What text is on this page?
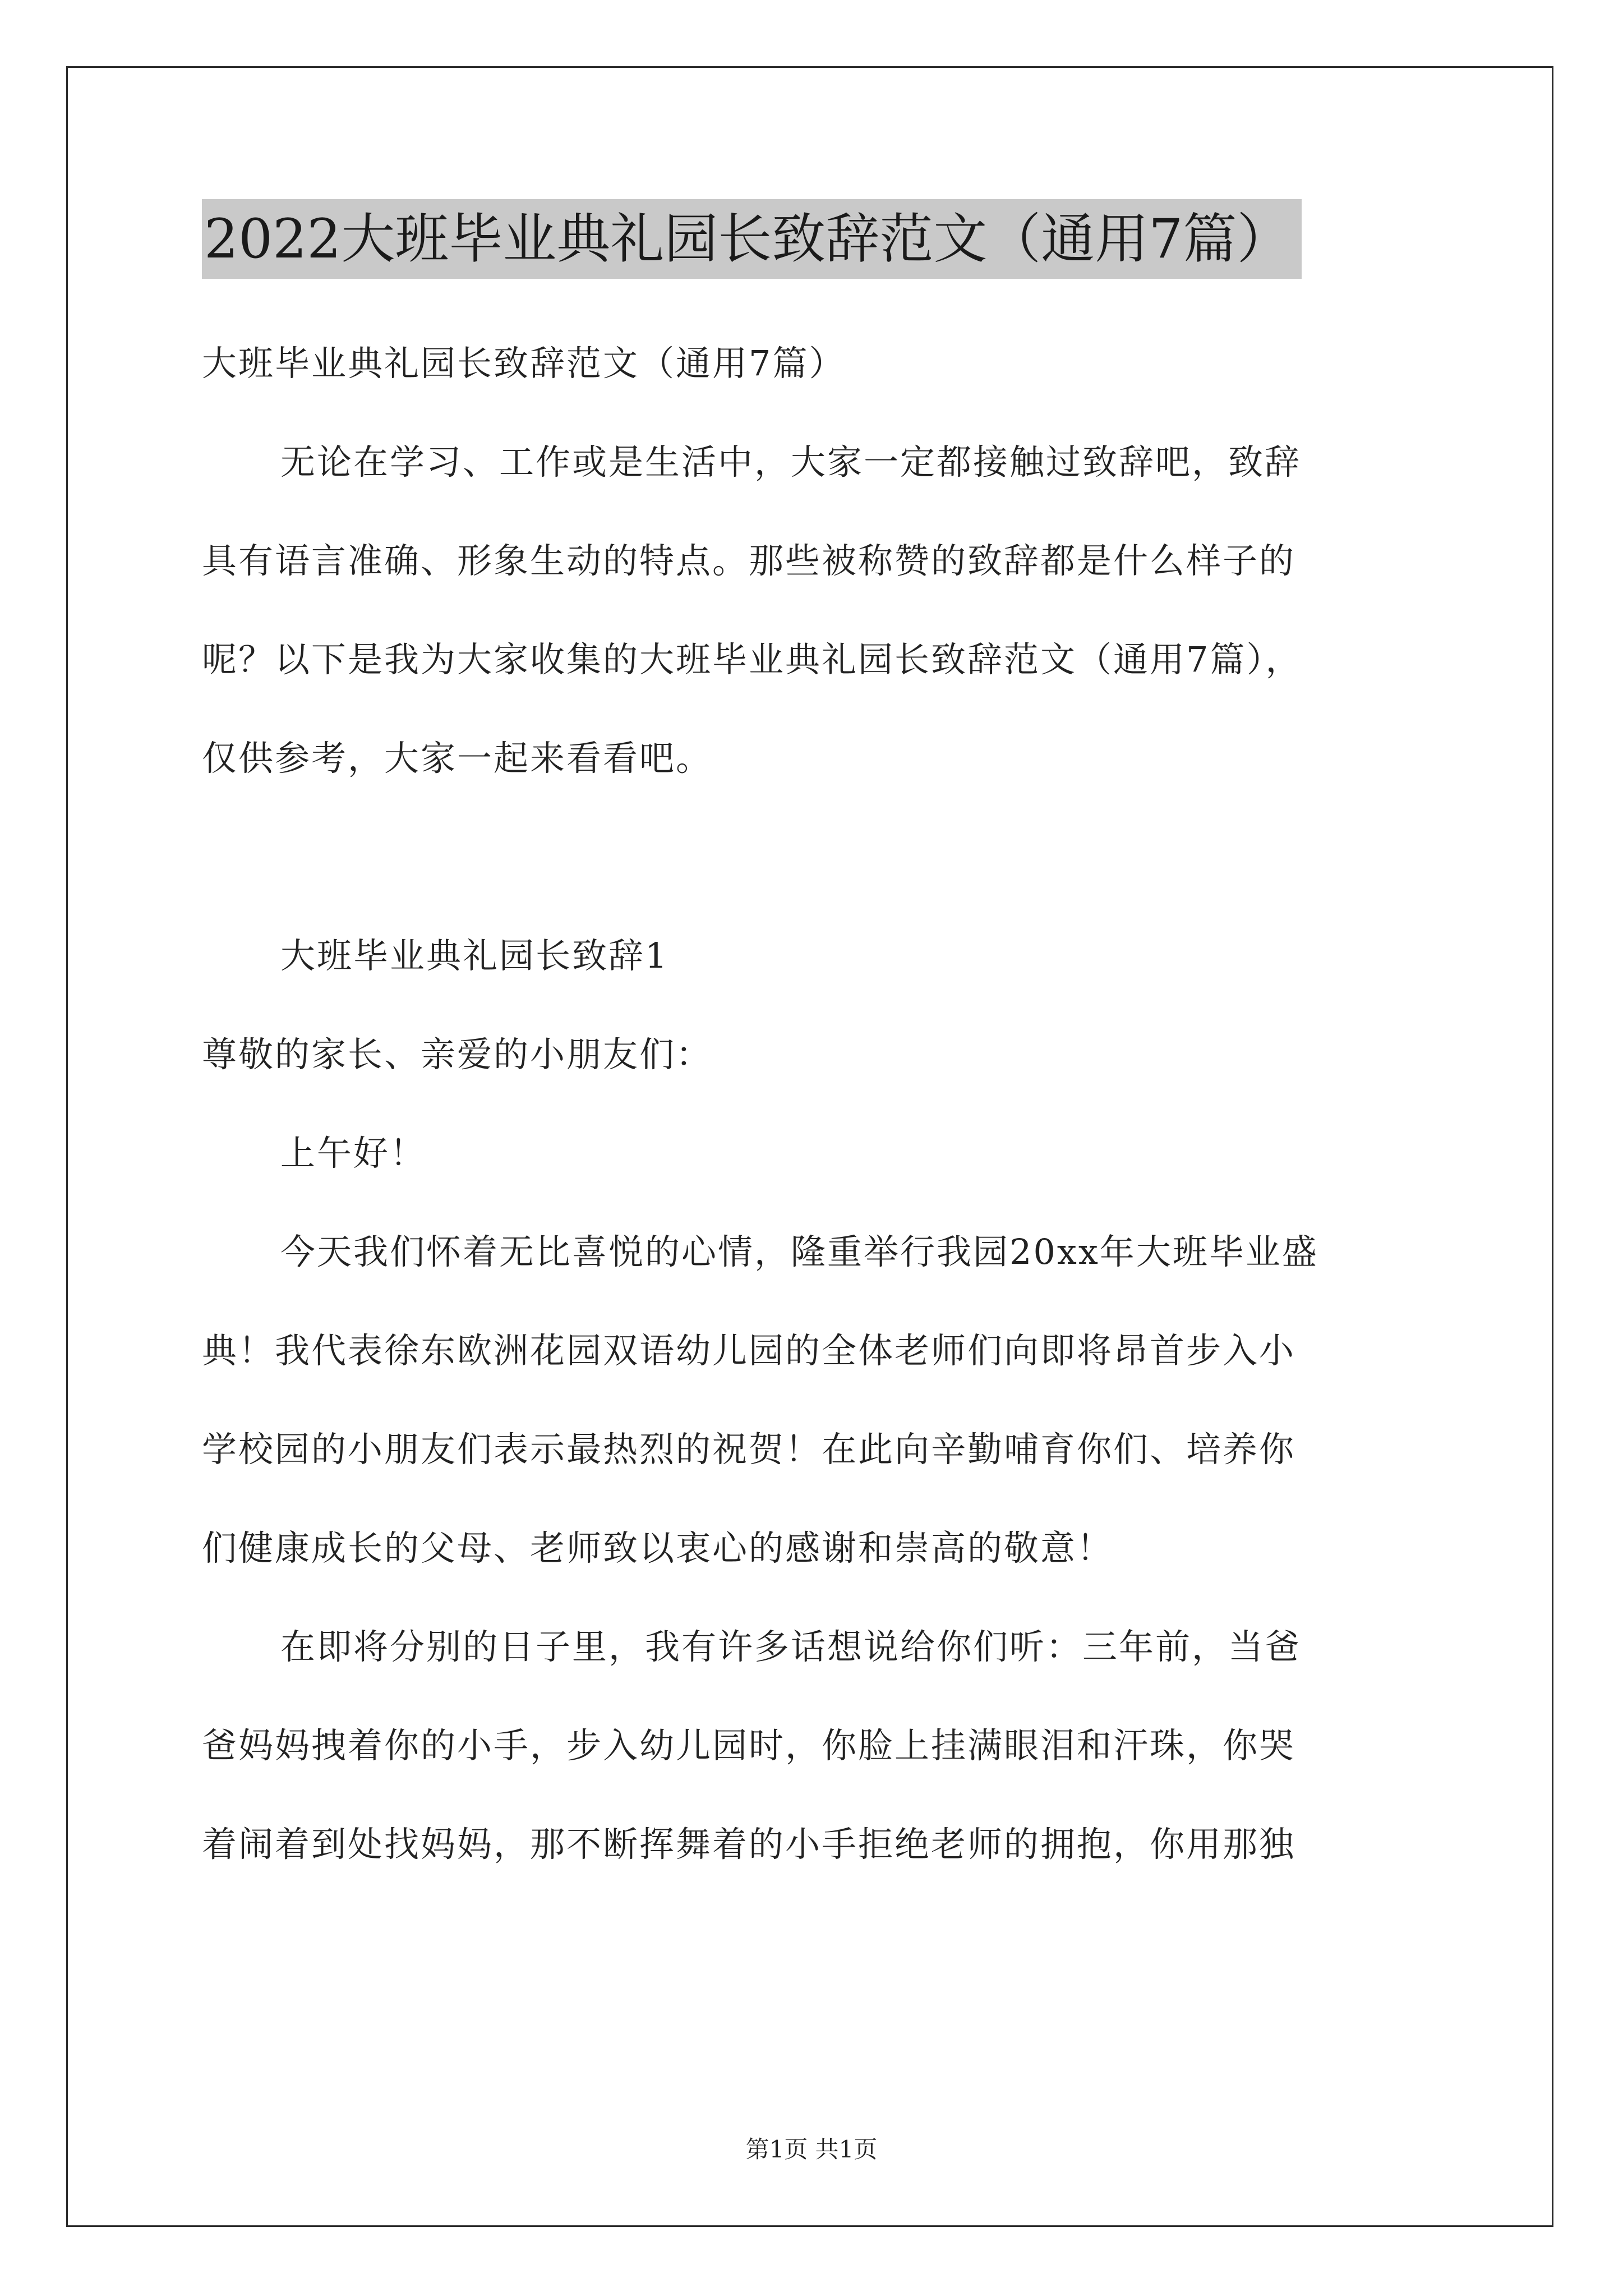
2022大班毕业典礼园长致辞范文（通用7篇）
大班毕业典礼园长致辞范文（通用7篇）
无论在学习、工作或是生活中，大家一定都接触过致辞吧，致辞
具有语言准确、形象生动的特点。那些被称赞的致辞都是什么样子的
呢？以下是我为大家收集的大班毕业典礼园长致辞范文（通用7篇），
仅供参考，大家一起来看看吧。
大班毕业典礼园长致辞1
尊敬的家长、亲爱的小朋友们：
上午好！
今天我们怀着无比喜悦的心情，隆重举行我园20xx年大班毕业盛
典！我代表徐东欧洲花园双语幼儿园的全体老师们向即将昂首步入小
学校园的小朋友们表示最热烈的祝贺！在此向辛勤哺育你们、培养你
们健康成长的父母、老师致以衷心的感谢和崇高的敬意！
在即将分别的日子里，我有许多话想说给你们听：三年前，当爸
爸妈妈拽着你的小手，步入幼儿园时，你脸上挂满眼泪和汗珠，你哭
着闹着到处找妈妈，那不断挥舞着的小手拒绝老师的拥抱，你用那独
第1页 共1页
